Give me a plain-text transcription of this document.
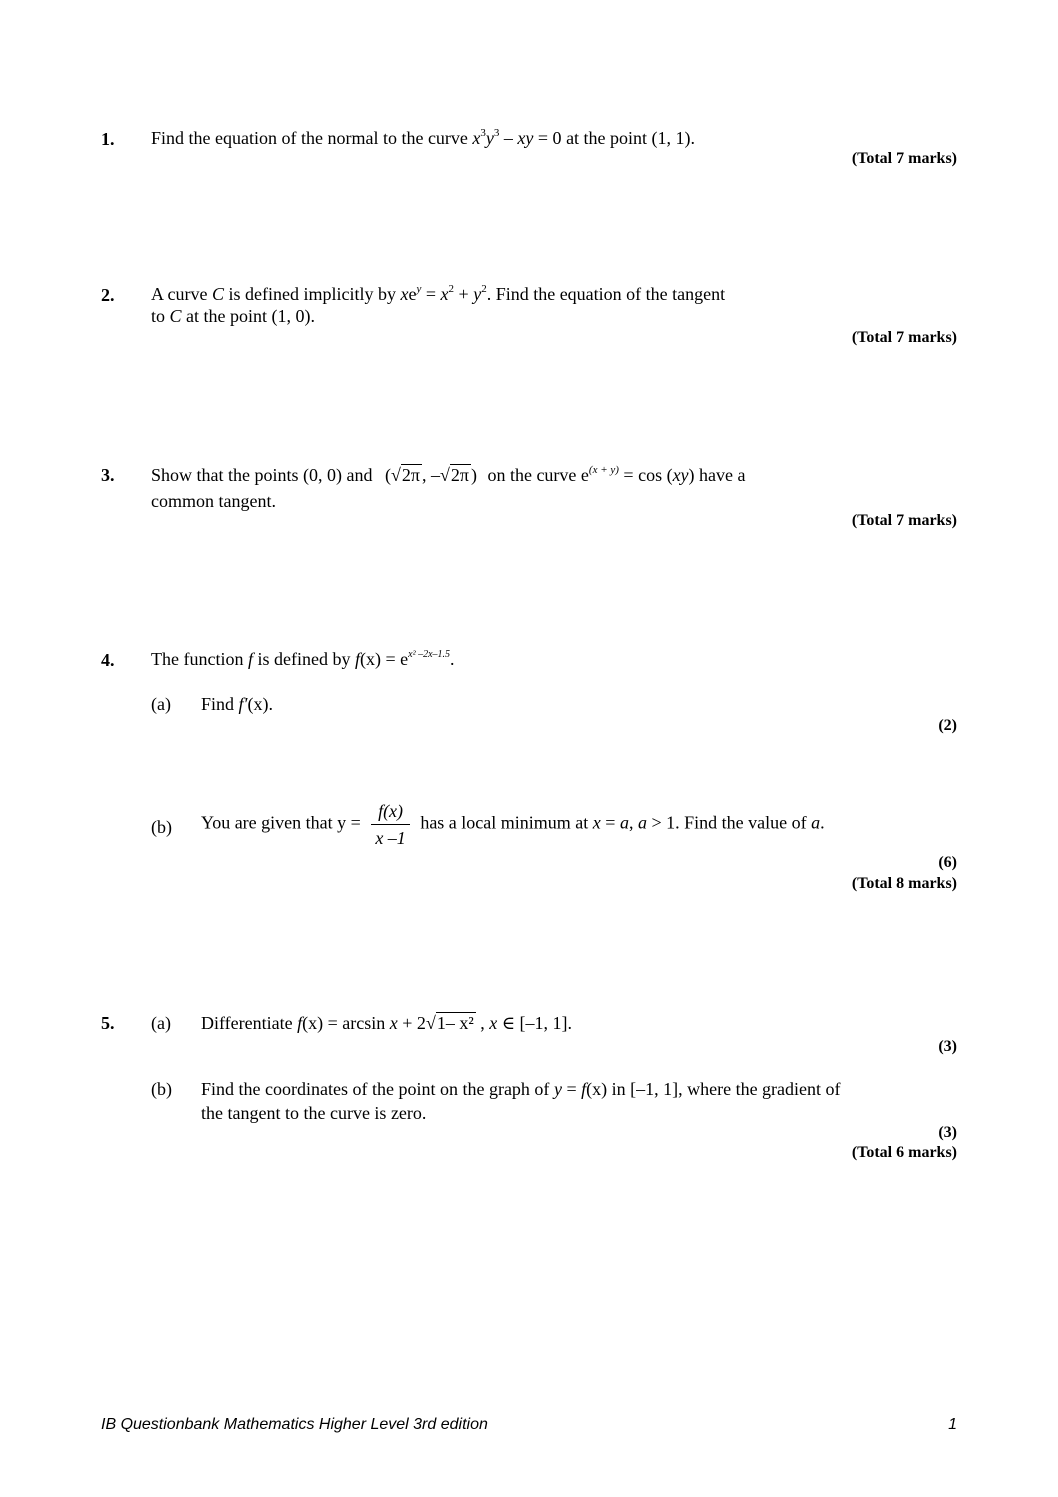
1. Find the equation of the normal to the curve $x^3y^3$ – xy = 0 at the point (1, 1).
(Total 7 marks)
2. A curve C is defined implicitly by $xe^y = x^2 + y^2$. Find the equation of the tangent
to C at the point (1, 0).
(Total 7 marks)
3. Show that the points (0, 0) and (√2π , –√2π ) on the curve $e^{(x + y)} = \cos (xy)$ have a
common tangent.
(Total 7 marks)
4. The function f is defined by $f(x) = e^{x^2 -2x-1.5}$.
(a) Find f′(x).
(2)
(b) You are given that $y = \frac{f(x)}{x -1}$ has a local minimum at x = a, a > 1. Find the value of a.
(6)
(Total 8 marks)
5. (a) Differentiate f(x) = arcsin x + 2√1– x² , x ∈ [–1, 1].
(3)
(b) Find the coordinates of the point on the graph of y = f(x) in [–1, 1], where the gradient of
the tangent to the curve is zero.
(3)
(Total 6 marks)
IB Questionbank Mathematics Higher Level 3rd edition	1
